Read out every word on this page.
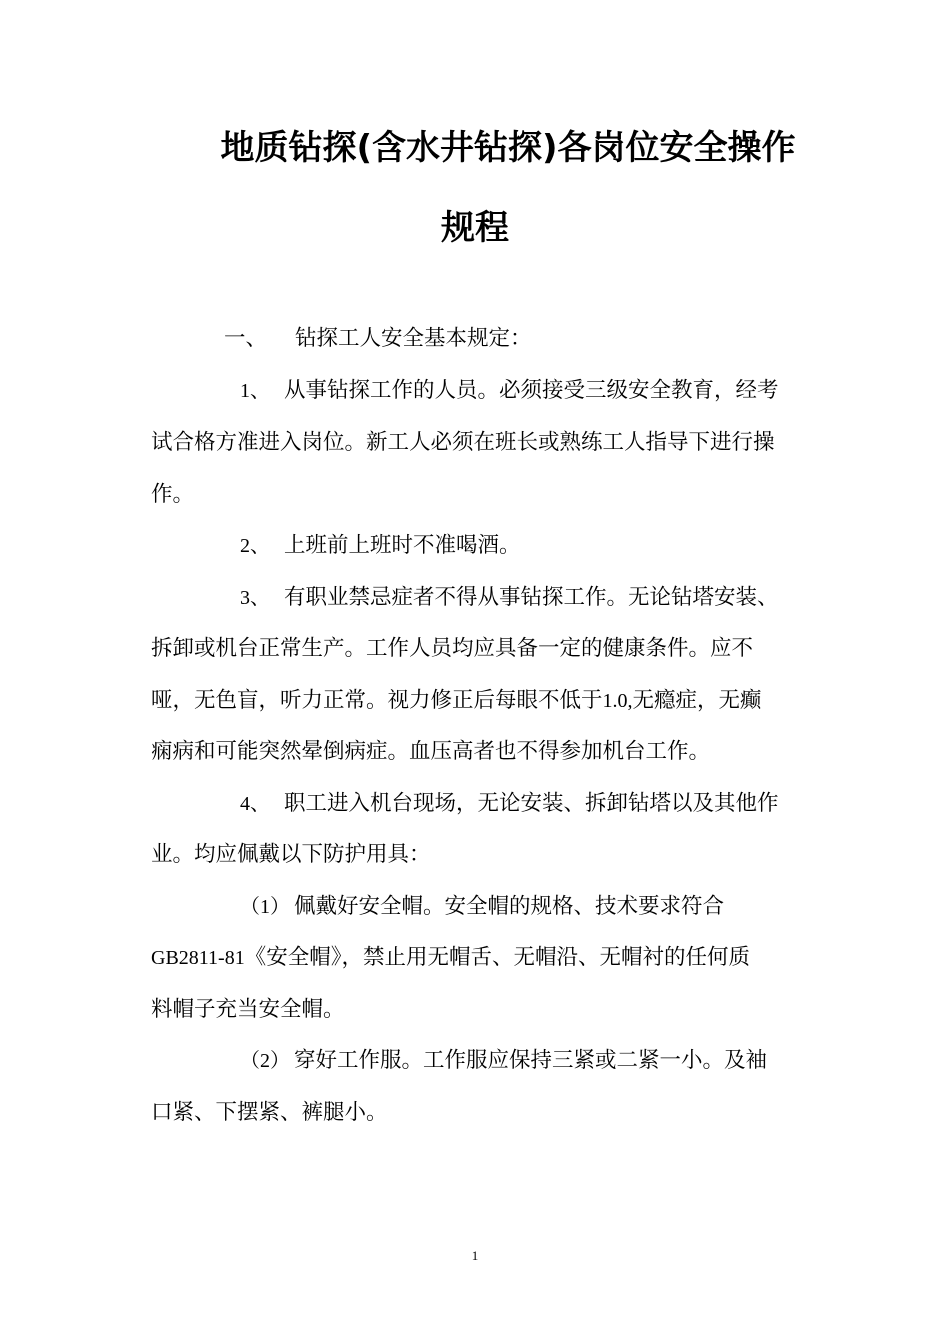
地质钻探(含水井钻探)各岗位安全操作
规程
一、 钻探工人安全基本规定：
1、 从事钻探工作的人员。必须接受三级安全教育，经考
试合格方准进入岗位。新工人必须在班长或熟练工人指导下进行操
作。
2、 上班前上班时不准喝酒。
3、 有职业禁忌症者不得从事钻探工作。无论钻塔安装、
拆卸或机台正常生产。工作人员均应具备一定的健康条件。应不
哑，无色盲，听力正常。视力修正后每眼不低于1.0,无瘾症，无癫
痫病和可能突然晕倒病症。血压高者也不得参加机台工作。
4、 职工进入机台现场，无论安装、拆卸钻塔以及其他作
业。均应佩戴以下防护用具：
（1） 佩戴好安全帽。安全帽的规格、技术要求符合
GB2811-81《安全帽》，禁止用无帽舌、无帽沿、无帽衬的任何质
料帽子充当安全帽。
（2） 穿好工作服。工作服应保持三紧或二紧一小。及袖
口紧、下摆紧、裤腿小。
1
